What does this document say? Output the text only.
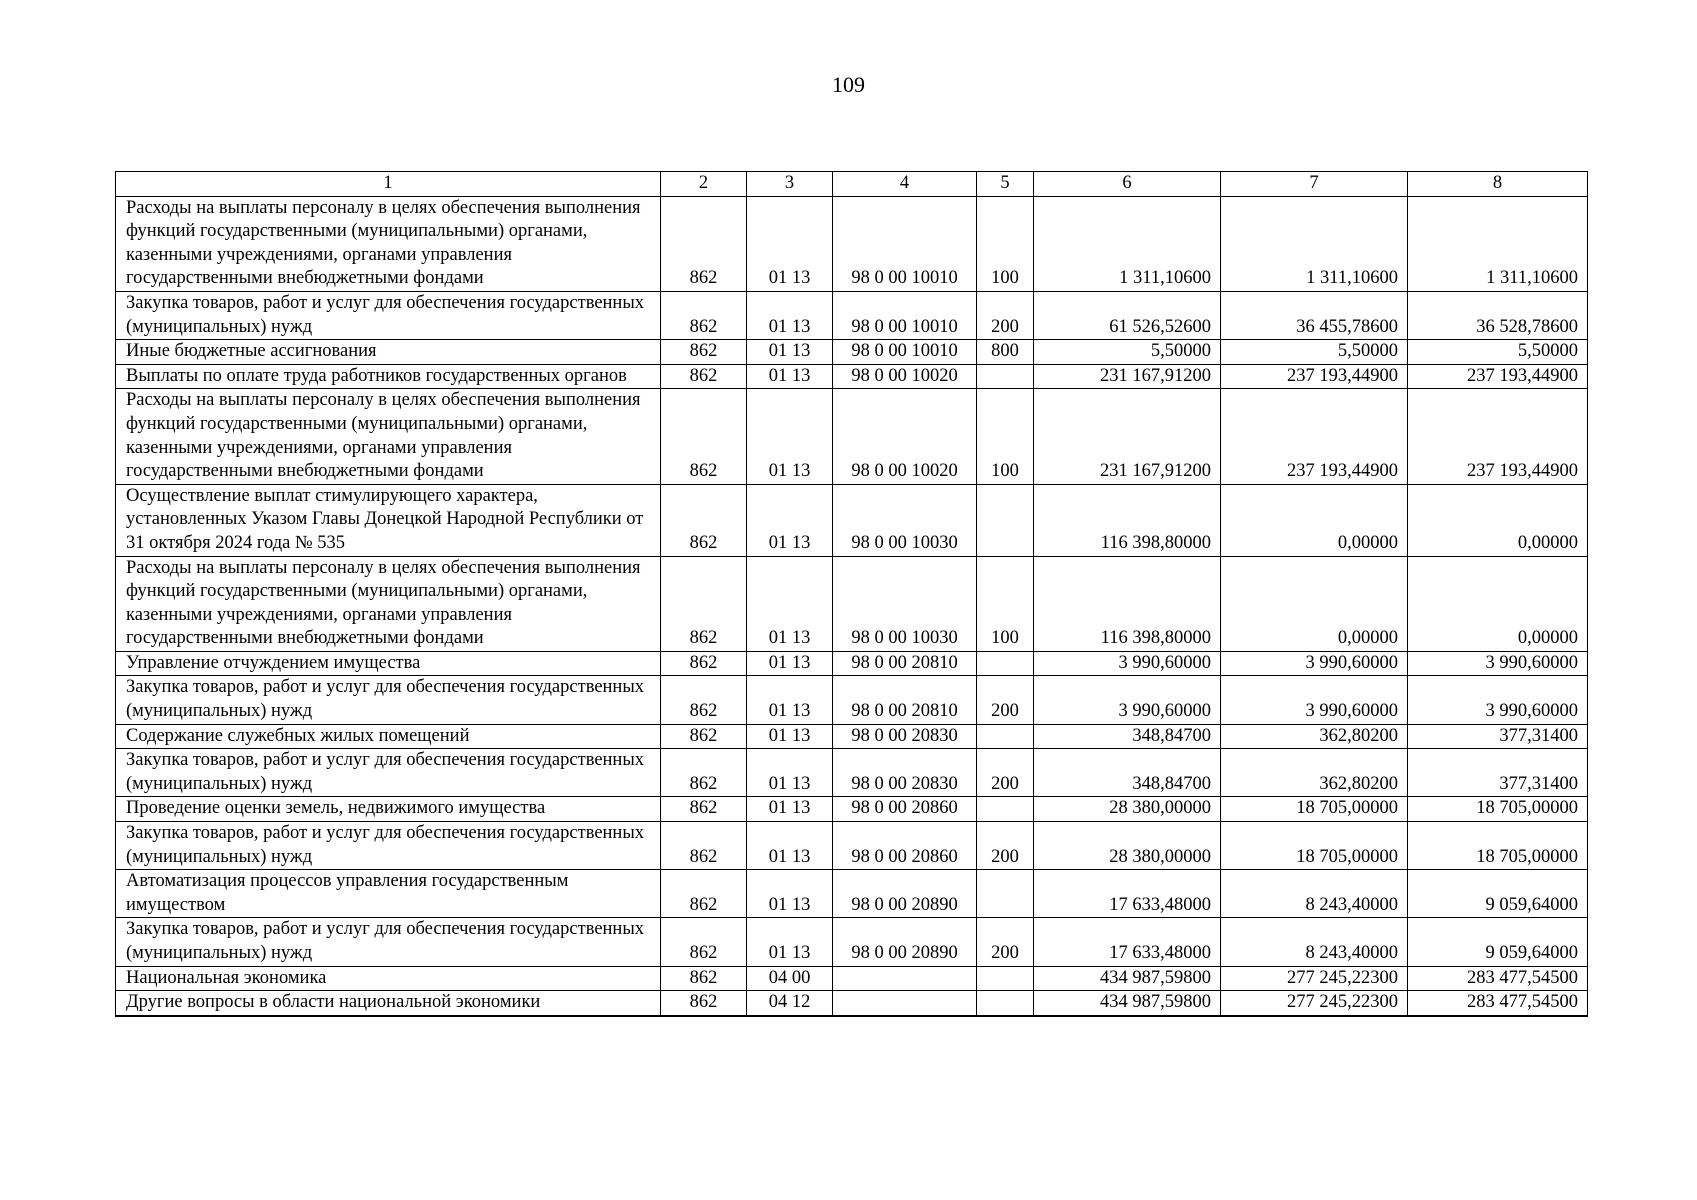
109
1	2	3	4	5	6	7	8
Расходы на выплаты персоналу в целях обеспечения выполнения функций государственными (муниципальными) органами, казенными учреждениями, органами управления государственными внебюджетными фондами	862	01 13	98 0 00 10010	100	1 311,10600	1 311,10600	1 311,10600
Закупка товаров, работ и услуг для обеспечения государственных (муниципальных) нужд	862	01 13	98 0 00 10010	200	61 526,52600	36 455,78600	36 528,78600
Иные бюджетные ассигнования	862	01 13	98 0 00 10010	800	5,50000	5,50000	5,50000
Выплаты по оплате труда работников государственных органов	862	01 13	98 0 00 10020		231 167,91200	237 193,44900	237 193,44900
Расходы на выплаты персоналу в целях обеспечения выполнения функций государственными (муниципальными) органами, казенными учреждениями, органами управления государственными внебюджетными фондами	862	01 13	98 0 00 10020	100	231 167,91200	237 193,44900	237 193,44900
Осуществление выплат стимулирующего характера, установленных Указом Главы Донецкой Народной Республики от 31 октября 2024 года № 535	862	01 13	98 0 00 10030		116 398,80000	0,00000	0,00000
Расходы на выплаты персоналу в целях обеспечения выполнения функций государственными (муниципальными) органами, казенными учреждениями, органами управления государственными внебюджетными фондами	862	01 13	98 0 00 10030	100	116 398,80000	0,00000	0,00000
Управление отчуждением имущества	862	01 13	98 0 00 20810		3 990,60000	3 990,60000	3 990,60000
Закупка товаров, работ и услуг для обеспечения государственных (муниципальных) нужд	862	01 13	98 0 00 20810	200	3 990,60000	3 990,60000	3 990,60000
Содержание служебных жилых помещений	862	01 13	98 0 00 20830		348,84700	362,80200	377,31400
Закупка товаров, работ и услуг для обеспечения государственных (муниципальных) нужд	862	01 13	98 0 00 20830	200	348,84700	362,80200	377,31400
Проведение оценки земель, недвижимого имущества	862	01 13	98 0 00 20860		28 380,00000	18 705,00000	18 705,00000
Закупка товаров, работ и услуг для обеспечения государственных (муниципальных) нужд	862	01 13	98 0 00 20860	200	28 380,00000	18 705,00000	18 705,00000
Автоматизация процессов управления государственным имуществом	862	01 13	98 0 00 20890		17 633,48000	8 243,40000	9 059,64000
Закупка товаров, работ и услуг для обеспечения государственных (муниципальных) нужд	862	01 13	98 0 00 20890	200	17 633,48000	8 243,40000	9 059,64000
Национальная экономика	862	04 00			434 987,59800	277 245,22300	283 477,54500
Другие вопросы в области национальной экономики	862	04 12			434 987,59800	277 245,22300	283 477,54500
